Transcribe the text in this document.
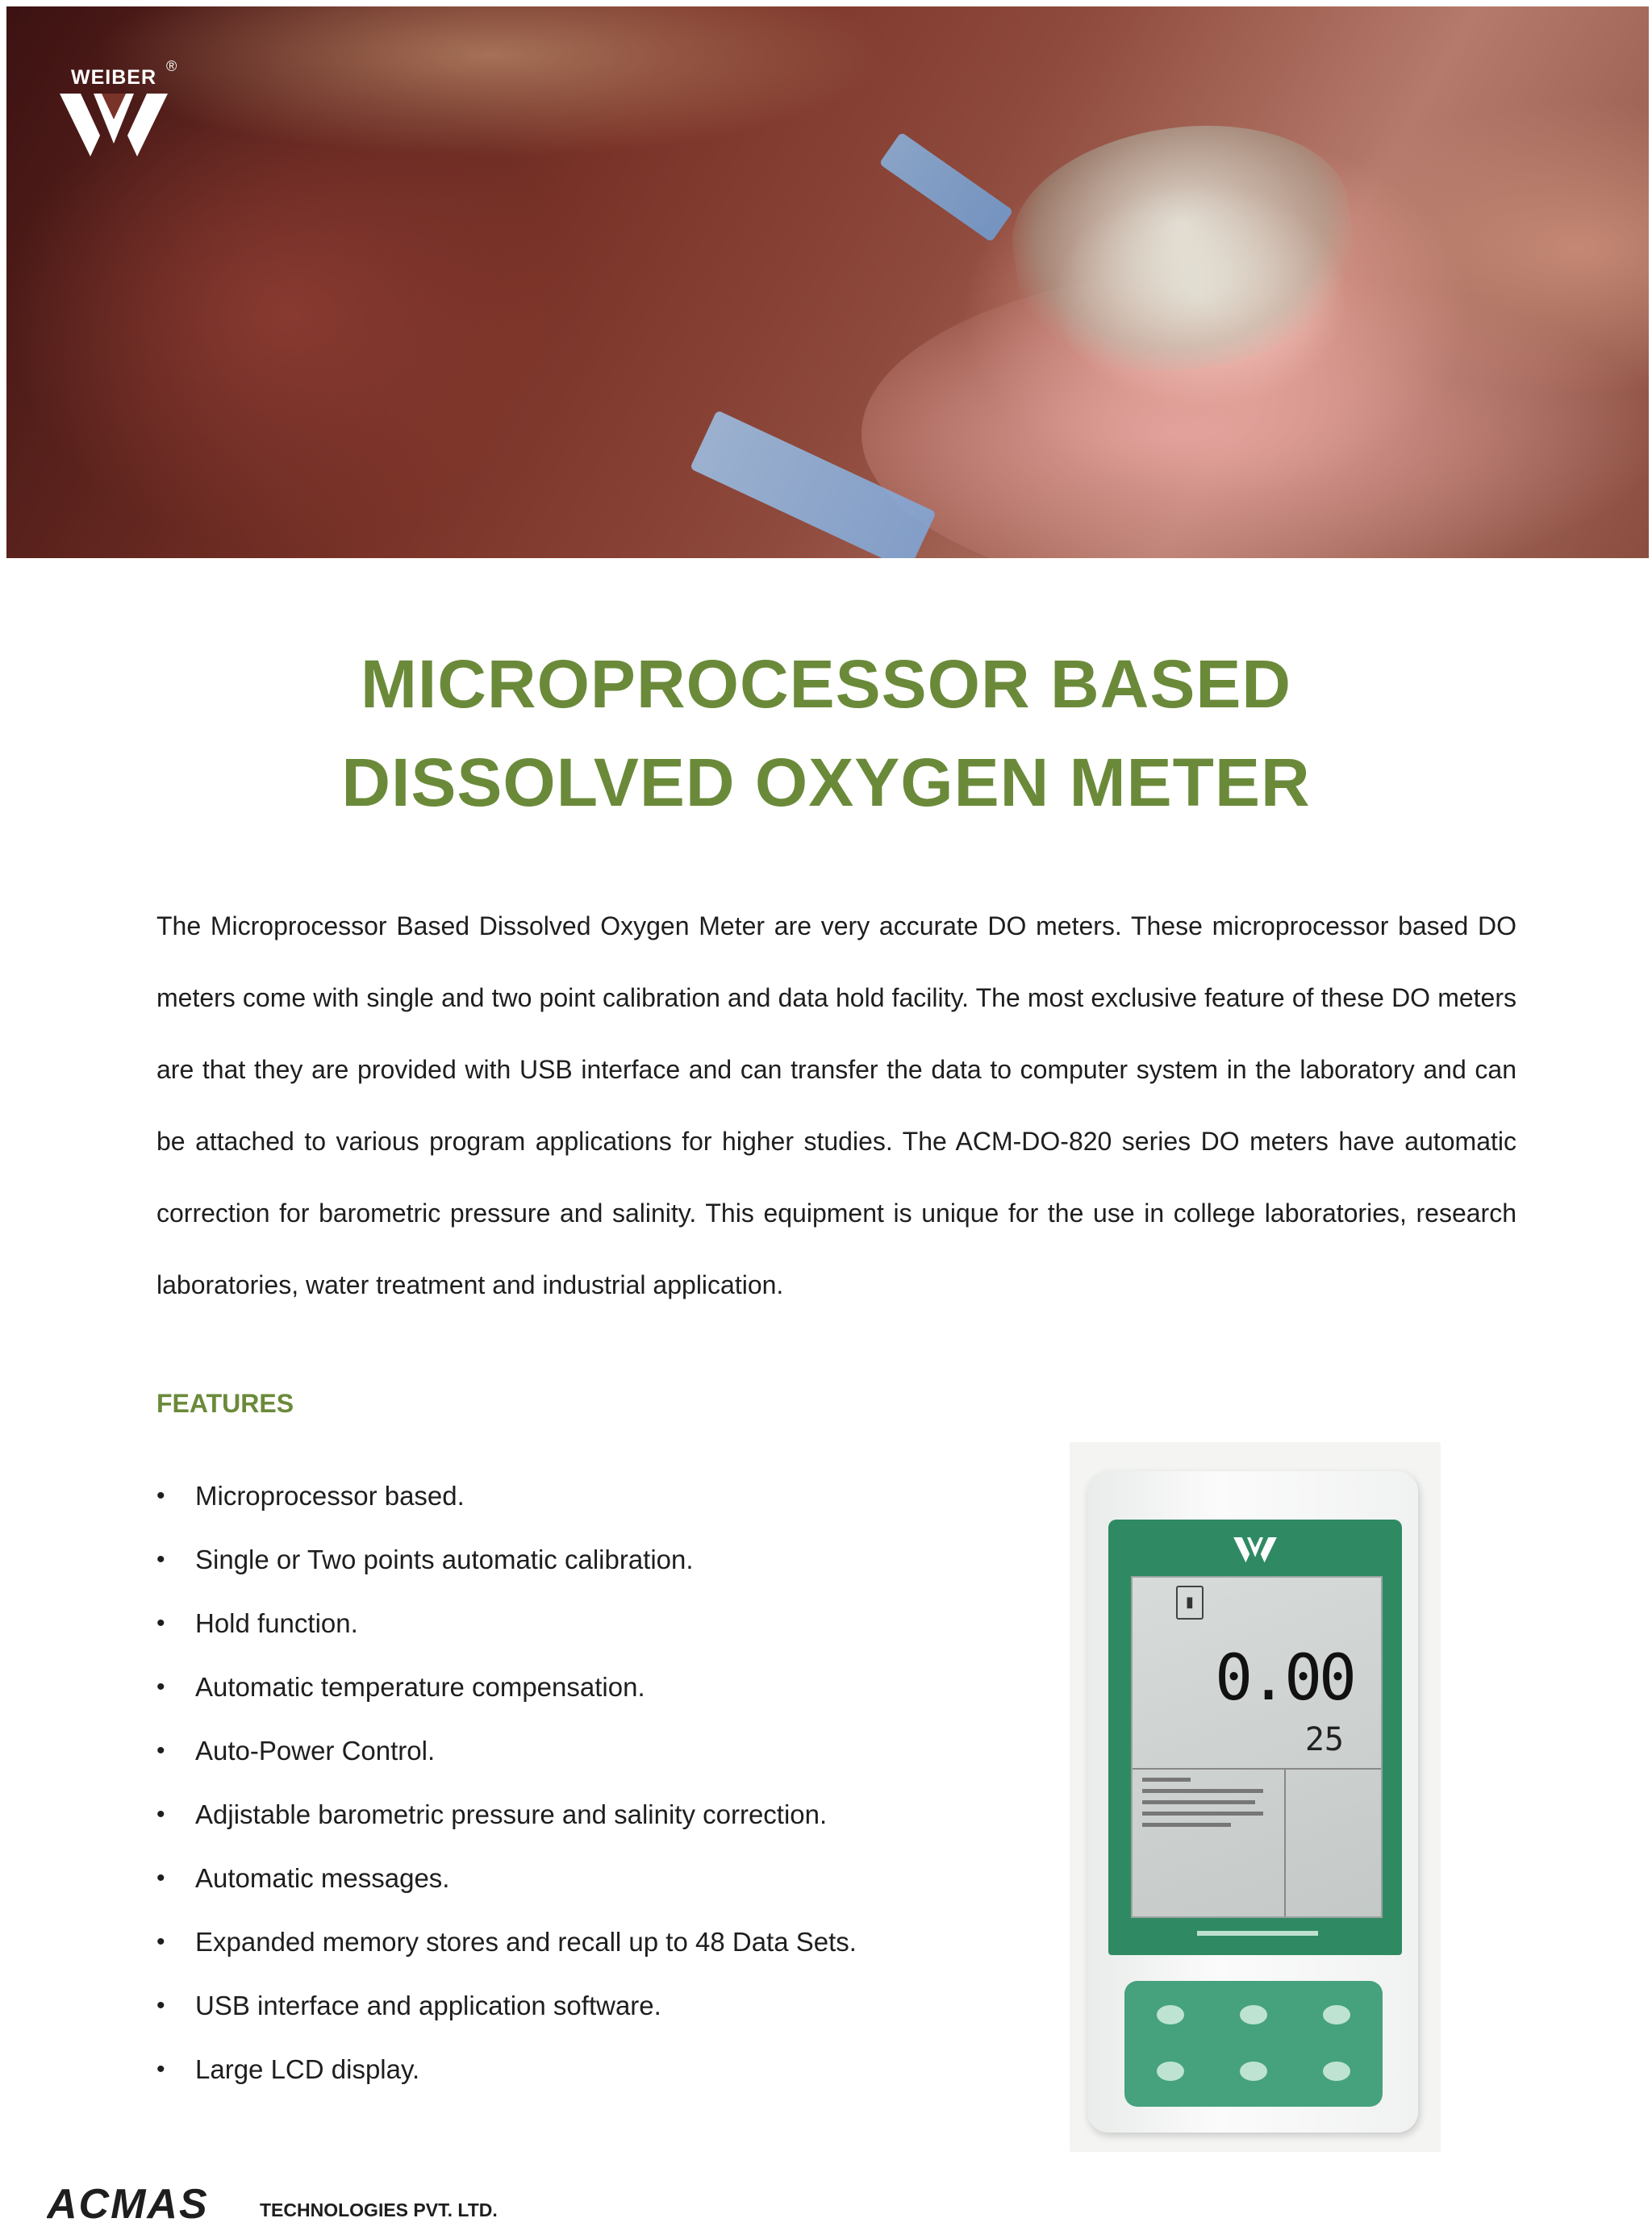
WEIBER ®
MICROPROCESSOR BASED
DISSOLVED OXYGEN METER

The Microprocessor Based Dissolved Oxygen Meter are very accurate DO meters. These microprocessor based DO meters come with single and two point calibration and data hold facility. The most exclusive feature of these DO meters are that they are provided with USB interface and can transfer the data to computer system in the laboratory and can be attached to various program applications for higher studies. The ACM-DO-820 series DO meters have automatic correction for barometric pressure and salinity. This equipment is unique for the use in college laboratories, research laboratories, water treatment and industrial application.

FEATURES
• Microprocessor based.
• Single or Two points automatic calibration.
• Hold function.
• Automatic temperature compensation.
• Auto-Power Control.
• Adjistable barometric pressure and salinity correction.
• Automatic messages.
• Expanded memory stores and recall up to 48 Data Sets.
• USB interface and application software.
• Large LCD display.
▮
0.00
25
ACMAS	TECHNOLOGIES PVT. LTD.
